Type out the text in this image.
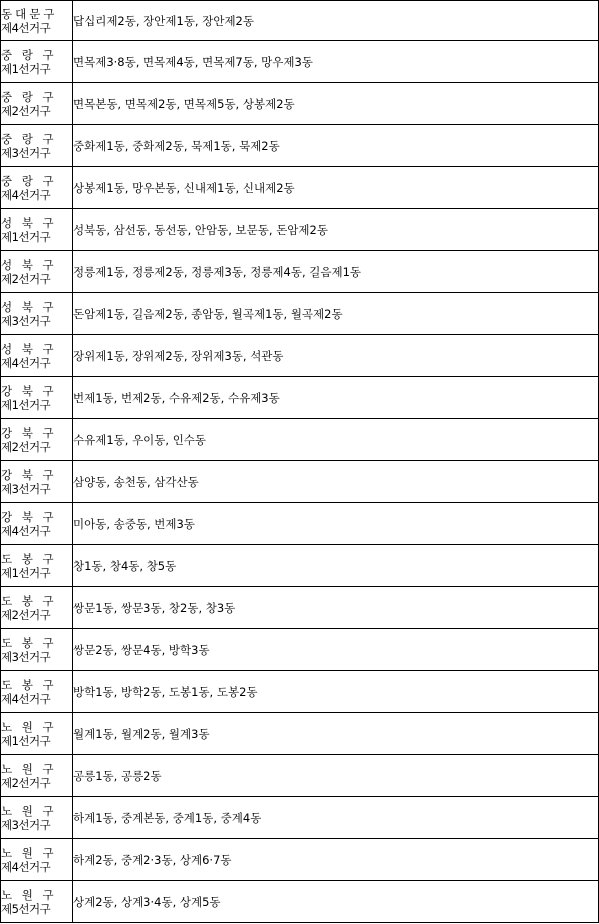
동대문구
제4선거구	답십리제2동, 장안제1동, 장안제2동

중 랑 구
제1선거구	면목제3·8동, 면목제4동, 면목제7동, 망우제3동

중 랑 구
제2선거구	면목본동, 면목제2동, 면목제5동, 상봉제2동

중 랑 구
제3선거구	중화제1동, 중화제2동, 묵제1동, 묵제2동

중 랑 구
제4선거구	상봉제1동, 망우본동, 신내제1동, 신내제2동

성 북 구
제1선거구	성북동, 삼선동, 동선동, 안암동, 보문동, 돈암제2동

성 북 구
제2선거구	정릉제1동, 정릉제2동, 정릉제3동, 정릉제4동, 길음제1동

성 북 구
제3선거구	돈암제1동, 길음제2동, 종암동, 월곡제1동, 월곡제2동

성 북 구
제4선거구	장위제1동, 장위제2동, 장위제3동, 석관동

강 북 구
제1선거구	번제1동, 번제2동, 수유제2동, 수유제3동

강 북 구
제2선거구	수유제1동, 우이동, 인수동

강 북 구
제3선거구	삼양동, 송천동, 삼각산동

강 북 구
제4선거구	미아동, 송중동, 번제3동

도 봉 구
제1선거구	창1동, 창4동, 창5동

도 봉 구
제2선거구	쌍문1동, 쌍문3동, 창2동, 창3동

도 봉 구
제3선거구	쌍문2동, 쌍문4동, 방학3동

도 봉 구
제4선거구	방학1동, 방학2동, 도봉1동, 도봉2동

노 원 구
제1선거구	월계1동, 월계2동, 월계3동

노 원 구
제2선거구	공릉1동, 공릉2동

노 원 구
제3선거구	하계1동, 중계본동, 중계1동, 중계4동

노 원 구
제4선거구	하계2동, 중계2·3동, 상계6·7동

노 원 구
제5선거구	상계2동, 상계3·4동, 상계5동
